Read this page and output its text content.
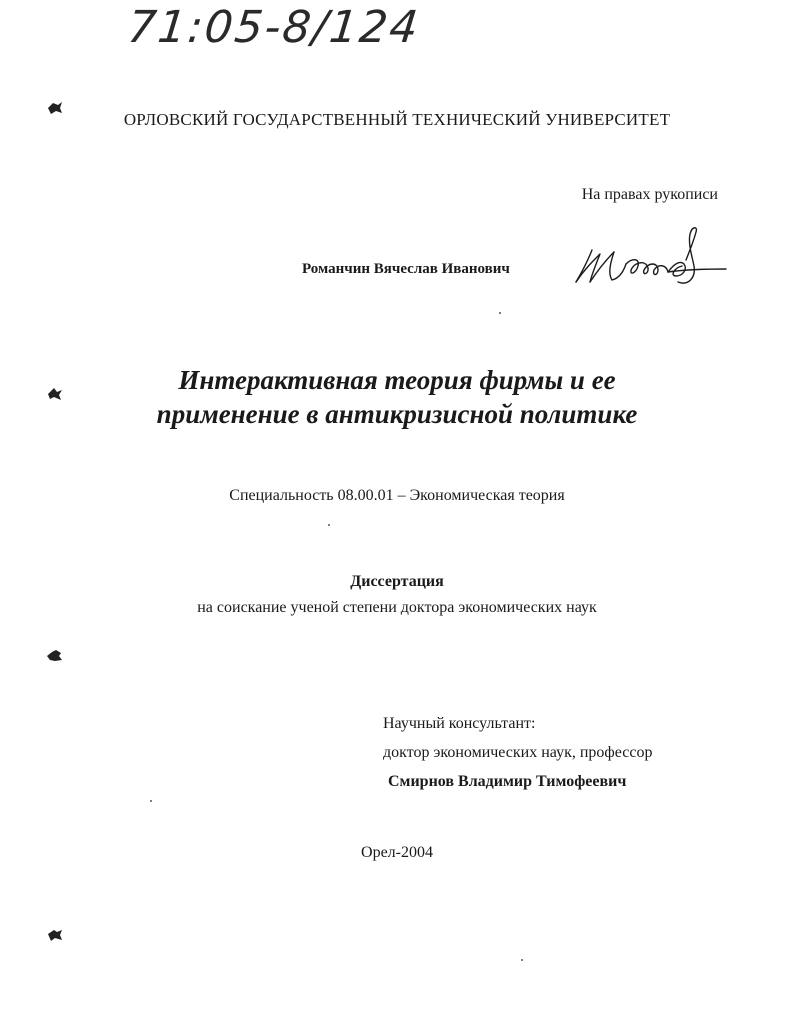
71:05-8/124
ОРЛОВСКИЙ ГОСУДАРСТВЕННЫЙ ТЕХНИЧЕСКИЙ УНИВЕРСИТЕТ
На правах рукописи
Романчин Вячеслав Иванович
Интерактивная теория фирмы и ее
применение в антикризисной политике
Специальность 08.00.01 – Экономическая теория
Диссертация
на соискание ученой степени доктора экономических наук
Научный консультант:
доктор экономических наук, профессор
Смирнов Владимир Тимофеевич
Орел-2004
